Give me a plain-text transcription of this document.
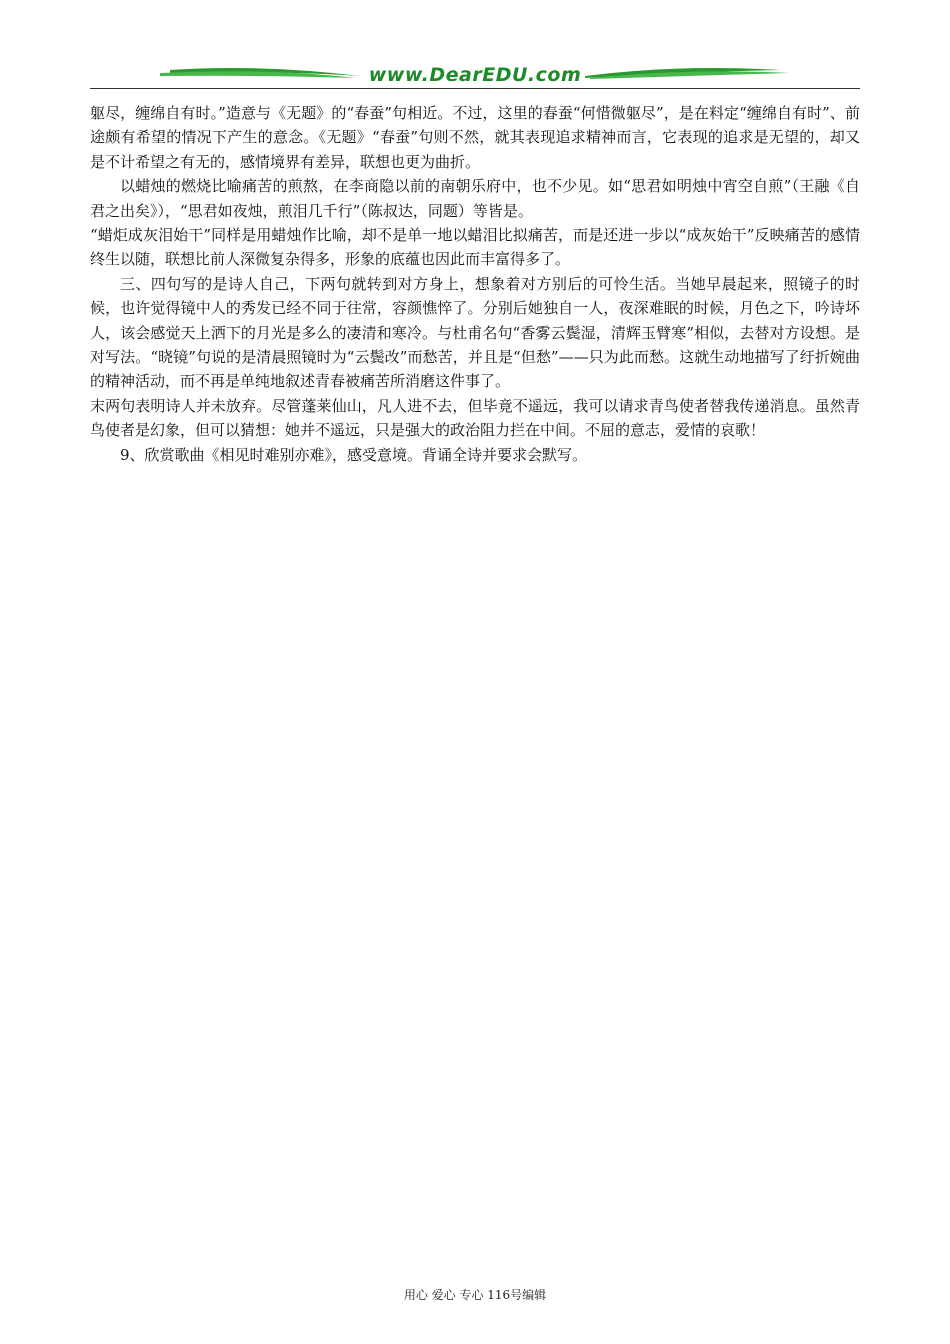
www.DearEDU.com

躯尽，缠绵自有时。”造意与《无题》的“春蚕”句相近。不过，这里的春蚕“何惜微躯尽”，是在料定“缠绵自有时”、前途颇有希望的情况下产生的意念。《无题》“春蚕”句则不然，就其表现追求精神而言，它表现的追求是无望的，却又是不计希望之有无的，感情境界有差异，联想也更为曲折。

以蜡烛的燃烧比喻痛苦的煎熬，在李商隐以前的南朝乐府中，也不少见。如“思君如明烛中宵空自煎”（王融《自君之出矣》），“思君如夜烛，煎泪几千行”（陈叔达，同题）等皆是。

“蜡炬成灰泪始干”同样是用蜡烛作比喻，却不是单一地以蜡泪比拟痛苦，而是还进一步以“成灰始干”反映痛苦的感情终生以随，联想比前人深微复杂得多，形象的底蕴也因此而丰富得多了。

三、四句写的是诗人自己，下两句就转到对方身上，想象着对方别后的可怜生活。当她早晨起来，照镜子的时候，也许觉得镜中人的秀发已经不同于往常，容颜憔悴了。分别后她独自一人，夜深难眠的时候，月色之下，吟诗坏人，该会感觉天上洒下的月光是多么的凄清和寒冷。与杜甫名句“香雾云鬓湿，清辉玉臂寒”相似，去替对方设想。是对写法。“晓镜”句说的是清晨照镜时为“云鬓改”而愁苦，并且是“但愁”——只为此而愁。这就生动地描写了纡折婉曲的精神活动，而不再是单纯地叙述青春被痛苦所消磨这件事了。

末两句表明诗人并未放弃。尽管蓬莱仙山，凡人进不去，但毕竟不遥远，我可以请求青鸟使者替我传递消息。虽然青鸟使者是幻象，但可以猜想：她并不遥远，只是强大的政治阻力拦在中间。不屈的意志，爱情的哀歌！

9、欣赏歌曲《相见时难别亦难》，感受意境。背诵全诗并要求会默写。

用心 爱心 专心 116号编辑
